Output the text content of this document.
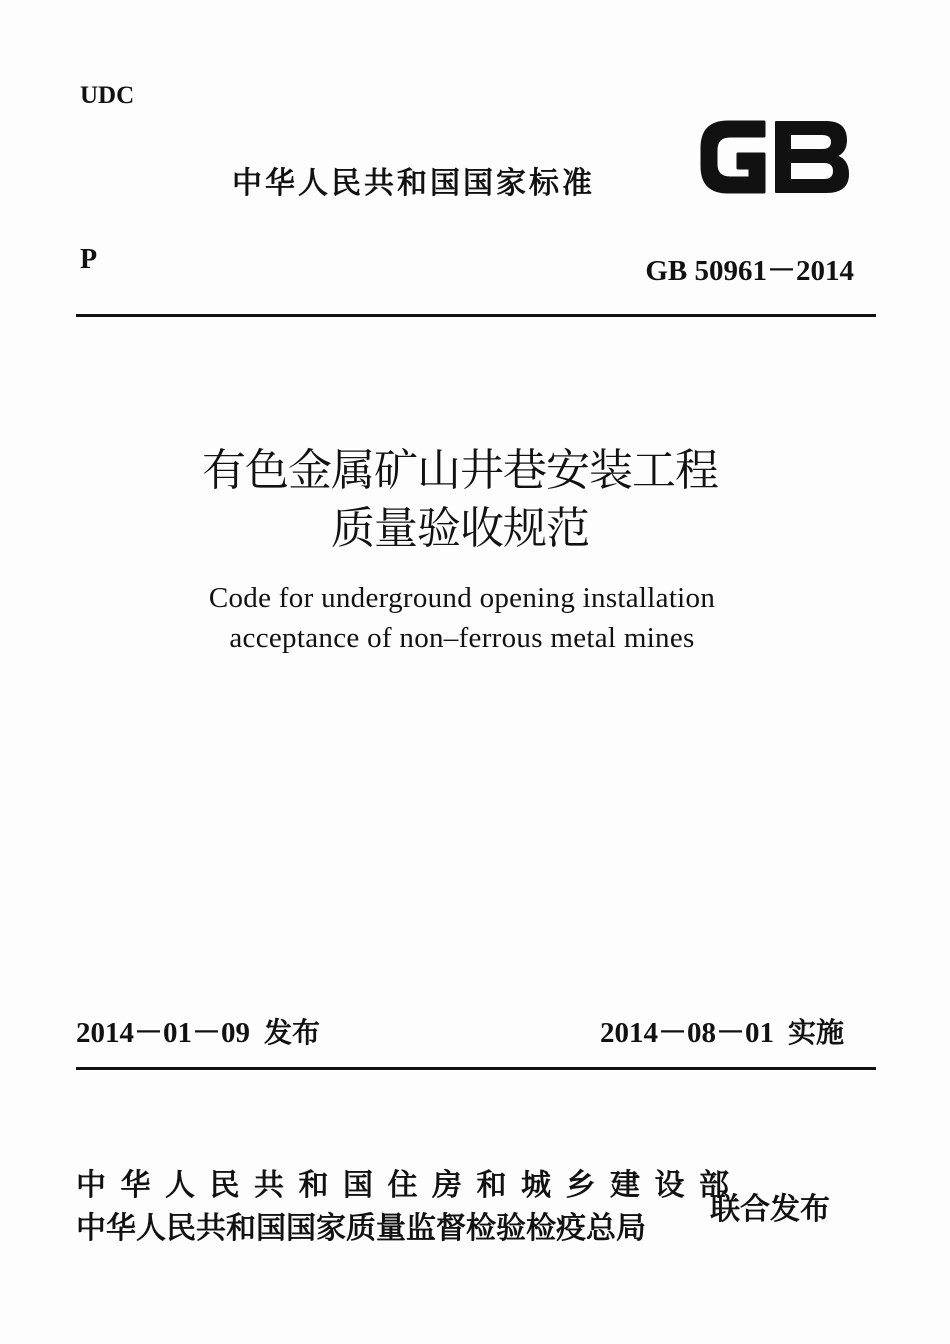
UDC
中华人民共和国国家标准
P	GB 50961－2014
有色金属矿山井巷安装工程
质量验收规范
Code for underground opening installation
acceptance of non–ferrous metal mines
2014－01－09 发布	2014－08－01 实施
中华人民共和国住房和城乡建设部
中华人民共和国国家质量监督检验检疫总局
联合发布
